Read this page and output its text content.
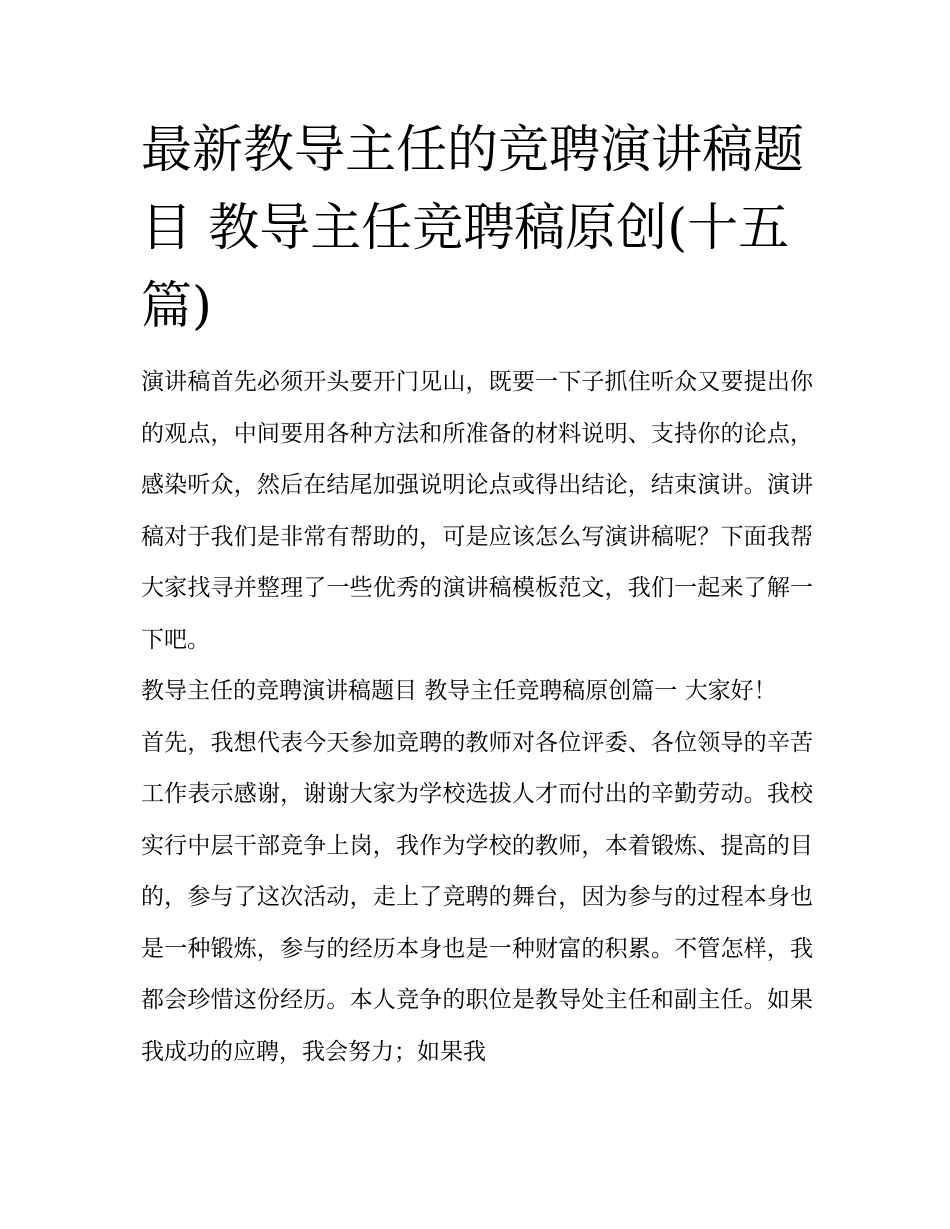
最新教导主任的竞聘演讲稿题目 教导主任竞聘稿原创(十五篇)

演讲稿首先必须开头要开门见山，既要一下子抓住听众又要提出你的观点，中间要用各种方法和所准备的材料说明、支持你的论点，感染听众，然后在结尾加强说明论点或得出结论，结束演讲。演讲稿对于我们是非常有帮助的，可是应该怎么写演讲稿呢？下面我帮大家找寻并整理了一些优秀的演讲稿模板范文，我们一起来了解一下吧。

教导主任的竞聘演讲稿题目 教导主任竞聘稿原创篇一 大家好！

首先，我想代表今天参加竞聘的教师对各位评委、各位领导的辛苦工作表示感谢，谢谢大家为学校选拔人才而付出的辛勤劳动。我校实行中层干部竞争上岗，我作为学校的教师，本着锻炼、提高的目的，参与了这次活动，走上了竞聘的舞台，因为参与的过程本身也是一种锻炼，参与的经历本身也是一种财富的积累。不管怎样，我都会珍惜这份经历。本人竞争的职位是教导处主任和副主任。如果我成功的应聘，我会努力；如果我
